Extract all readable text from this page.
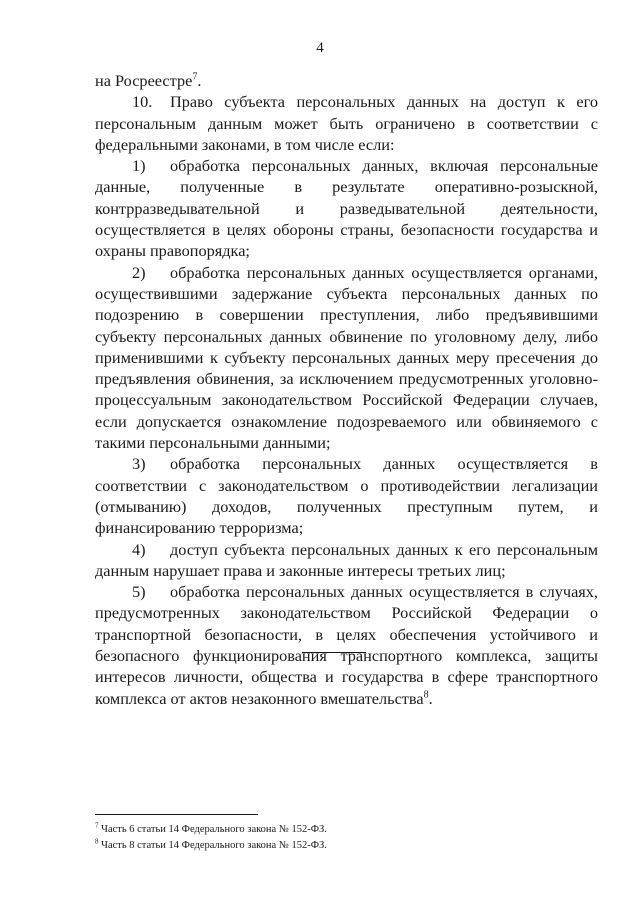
4

на Росреестре$^7$.

10. Право субъекта персональных данных на доступ к его персональным данным может быть ограничено в соответствии с федеральными законами, в том числе если:

1) обработка персональных данных, включая персональные данные, полученные в результате оперативно-розыскной, контрразведывательной и разведывательной деятельности, осуществляется в целях обороны страны, безопасности государства и охраны правопорядка;

2) обработка персональных данных осуществляется органами, осуществившими задержание субъекта персональных данных по подозрению в совершении преступления, либо предъявившими субъекту персональных данных обвинение по уголовному делу, либо применившими к субъекту персональных данных меру пресечения до предъявления обвинения, за исключением предусмотренных уголовно-процессуальным законодательством Российской Федерации случаев, если допускается ознакомление подозреваемого или обвиняемого с такими персональными данными;

3) обработка персональных данных осуществляется в соответствии с законодательством о противодействии легализации (отмыванию) доходов, полученных преступным путем, и финансированию терроризма;

4) доступ субъекта персональных данных к его персональным данным нарушает права и законные интересы третьих лиц;

5) обработка персональных данных осуществляется в случаях, предусмотренных законодательством Российской Федерации о транспортной безопасности, в целях обеспечения устойчивого и безопасного функционирования транспортного комплекса, защиты интересов личности, общества и государства в сфере транспортного комплекса от актов незаконного вмешательства$^8$.

$^7$ Часть 6 статьи 14 Федерального закона № 152-ФЗ.

$^8$ Часть 8 статьи 14 Федерального закона № 152-ФЗ.
